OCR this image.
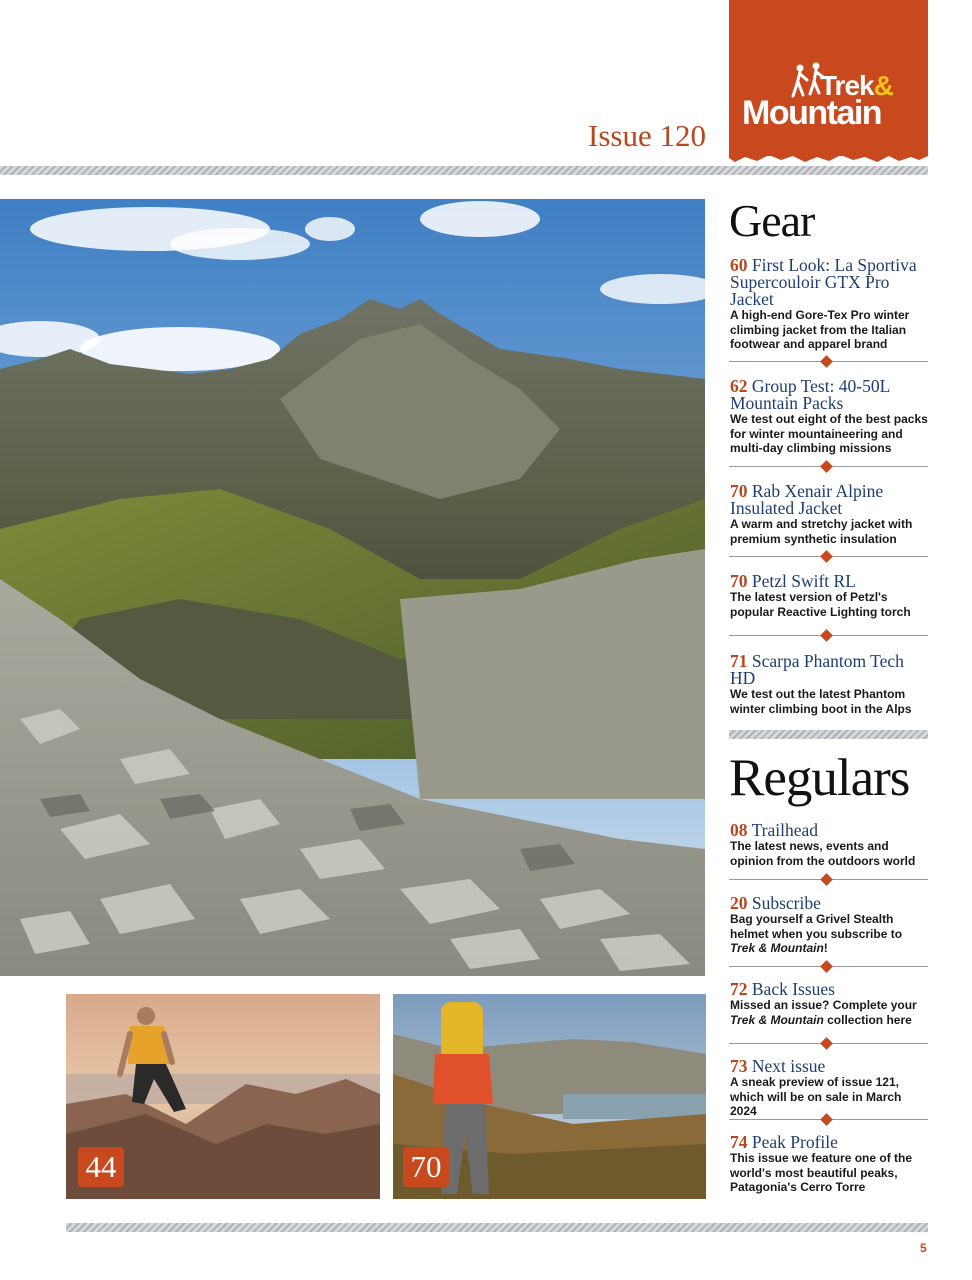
Trek&
Mountain
Issue 120
44	70
Gear
60 First Look: La Sportiva Supercouloir GTX Pro Jacket
A high-end Gore-Tex Pro winter climbing jacket from the Italian footwear and apparel brand
62 Group Test: 40-50L Mountain Packs
We test out eight of the best packs for winter mountaineering and multi-day climbing missions
70 Rab Xenair Alpine Insulated Jacket
A warm and stretchy jacket with premium synthetic insulation
70 Petzl Swift RL
The latest version of Petzl's popular Reactive Lighting torch
71 Scarpa Phantom Tech HD
We test out the latest Phantom winter climbing boot in the Alps
Regulars
08 Trailhead
The latest news, events and opinion from the outdoors world
20 Subscribe
Bag yourself a Grivel Stealth helmet when you subscribe to Trek & Mountain!
72 Back Issues
Missed an issue? Complete your Trek & Mountain collection here
73 Next issue
A sneak preview of issue 121, which will be on sale in March 2024
74 Peak Profile
This issue we feature one of the world's most beautiful peaks, Patagonia's Cerro Torre
5
